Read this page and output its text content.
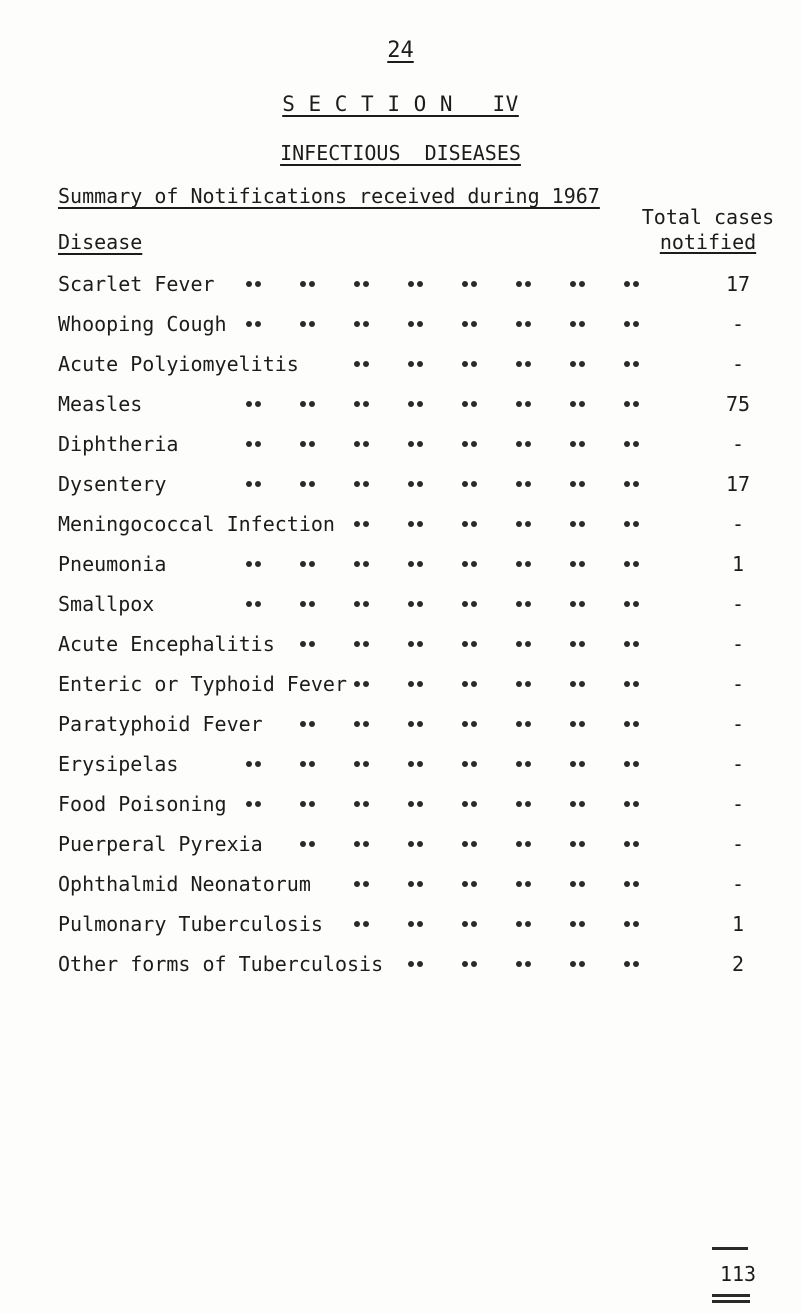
24
S E C T I O N   IV
INFECTIOUS  DISEASES
Summary of Notifications received during 1967
Total cases
notified
Disease
Scarlet Fever	17
Whooping Cough	-
Acute Polyiomyelitis	-
Measles	75
Diphtheria	-
Dysentery	17
Meningococcal Infection	-
Pneumonia	1
Smallpox	-
Acute Encephalitis	-
Enteric or Typhoid Fever	-
Paratyphoid Fever	-
Erysipelas	-
Food Poisoning	-
Puerperal Pyrexia	-
Ophthalmid Neonatorum	-
Pulmonary Tuberculosis	1
Other forms of Tuberculosis	2
113
